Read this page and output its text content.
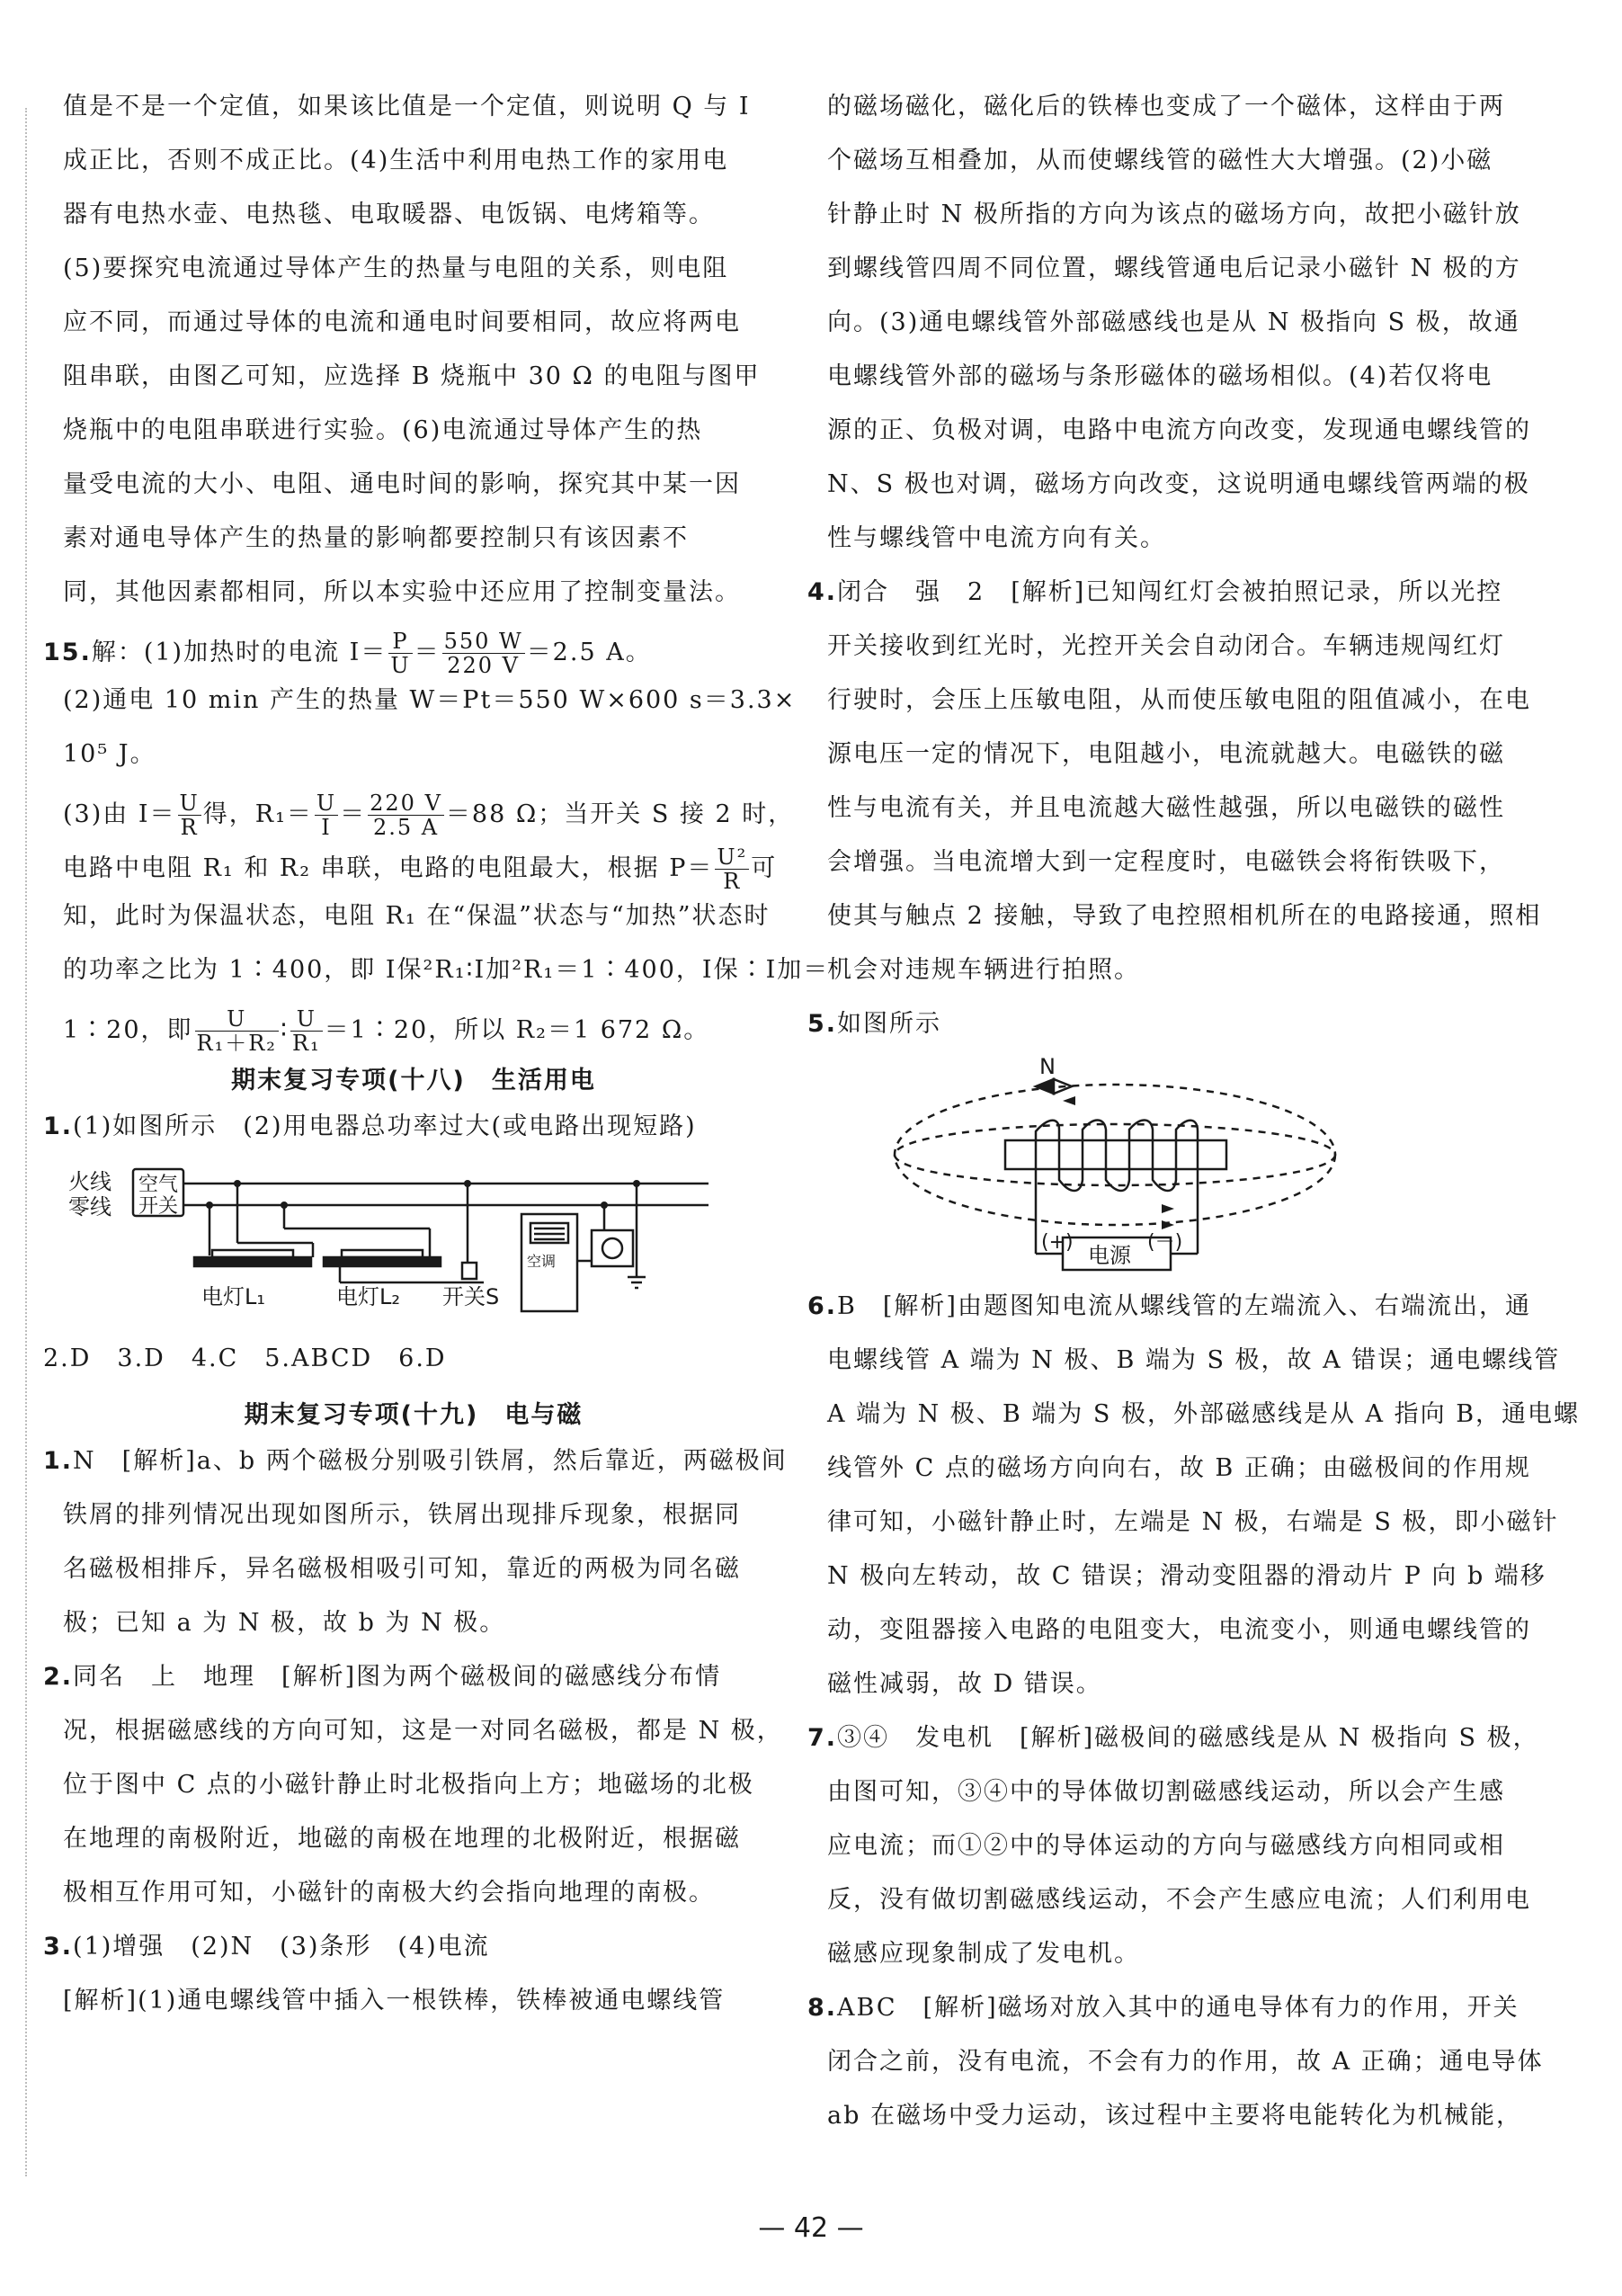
值是不是一个定值，如果该比值是一个定值，则说明 Q 与 I
成正比，否则不成正比。(4)生活中利用电热工作的家用电
器有电热水壶、电热毯、电取暖器、电饭锅、电烤箱等。
(5)要探究电流通过导体产生的热量与电阻的关系，则电阻
应不同，而通过导体的电流和通电时间要相同，故应将两电
阻串联，由图乙可知，应选择 B 烧瓶中 30 Ω 的电阻与图甲
烧瓶中的电阻串联进行实验。(6)电流通过导体产生的热
量受电流的大小、电阻、通电时间的影响，探究其中某一因
素对通电导体产生的热量的影响都要控制只有该因素不
同，其他因素都相同，所以本实验中还应用了控制变量法。
15.解：(1)加热时的电流 $I= \frac{P}{U} = \frac{550 W}{220 V} =2.5$ A。
(2)通电 10 min 产生的热量 W＝Pt＝550 W×600 s＝3.3×
10⁵ J。
(3)由 $I= \frac{U}{R}$ 得，$R_1= \frac{U}{I} = \frac{220 V}{2.5 A} =88$ Ω；当开关 S 接 2 时，
电路中电阻 R₁ 和 R₂ 串联，电路的电阻最大，根据 $P= \frac{\text{U²}}{R}$ 可
知，此时为保温状态，电阻 R₁ 在“保温”状态与“加热”状态时
的功率之比为 1∶400，即 I保²R₁∶I加²R₁＝1∶400，I保∶I加＝
1∶20，即 $\frac{U}{\text{R₁＋R₂}}$ ∶ $\frac{U}{\text{R₁}}$ ＝1∶20，所以 R₂＝1 672 Ω。
期末复习专项(十八)　生活用电
1.(1)如图所示　(2)用电器总功率过大(或电路出现短路)
火线
零线
空气
开关
电灯L₁	电灯L₂ 开关S
空调
2.D　3.D　4.C　5.ABCD　6.D
期末复习专项(十九)　电与磁
1.N　[解析]a、b 两个磁极分别吸引铁屑，然后靠近，两磁极间
铁屑的排列情况出现如图所示，铁屑出现排斥现象，根据同
名磁极相排斥，异名磁极相吸引可知，靠近的两极为同名磁
极；已知 a 为 N 极，故 b 为 N 极。
2.同名　上　地理　[解析]图为两个磁极间的磁感线分布情
况，根据磁感线的方向可知，这是一对同名磁极，都是 N 极，
位于图中 C 点的小磁针静止时北极指向上方；地磁场的北极
在地理的南极附近，地磁的南极在地理的北极附近，根据磁
极相互作用可知，小磁针的南极大约会指向地理的南极。
3.(1)增强　(2)N　(3)条形　(4)电流
[解析](1)通电螺线管中插入一根铁棒，铁棒被通电螺线管
的磁场磁化，磁化后的铁棒也变成了一个磁体，这样由于两
个磁场互相叠加，从而使螺线管的磁性大大增强。(2)小磁
针静止时 N 极所指的方向为该点的磁场方向，故把小磁针放
到螺线管四周不同位置，螺线管通电后记录小磁针 N 极的方
向。(3)通电螺线管外部磁感线也是从 N 极指向 S 极，故通
电螺线管外部的磁场与条形磁体的磁场相似。(4)若仅将电
源的正、负极对调，电路中电流方向改变，发现通电螺线管的
N、S 极也对调，磁场方向改变，这说明通电螺线管两端的极
性与螺线管中电流方向有关。
4.闭合　强　2　[解析]已知闯红灯会被拍照记录，所以光控
开关接收到红光时，光控开关会自动闭合。车辆违规闯红灯
行驶时，会压上压敏电阻，从而使压敏电阻的阻值减小，在电
源电压一定的情况下，电阻越小，电流就越大。电磁铁的磁
性与电流有关，并且电流越大磁性越强，所以电磁铁的磁性
会增强。当电流增大到一定程度时，电磁铁会将衔铁吸下，
使其与触点 2 接触，导致了电控照相机所在的电路接通，照相
机会对违规车辆进行拍照。
5.如图所示
N
(+)	(－)
电源
6.B　[解析]由题图知电流从螺线管的左端流入、右端流出，通
电螺线管 A 端为 N 极、B 端为 S 极，故 A 错误；通电螺线管
A 端为 N 极、B 端为 S 极，外部磁感线是从 A 指向 B，通电螺
线管外 C 点的磁场方向向右，故 B 正确；由磁极间的作用规
律可知，小磁针静止时，左端是 N 极，右端是 S 极，即小磁针
N 极向左转动，故 C 错误；滑动变阻器的滑动片 P 向 b 端移
动，变阻器接入电路的电阻变大，电流变小，则通电螺线管的
磁性减弱，故 D 错误。
7.③④　发电机　[解析]磁极间的磁感线是从 N 极指向 S 极，
由图可知，③④中的导体做切割磁感线运动，所以会产生感
应电流；而①②中的导体运动的方向与磁感线方向相同或相
反，没有做切割磁感线运动，不会产生感应电流；人们利用电
磁感应现象制成了发电机。
8.ABC　[解析]磁场对放入其中的通电导体有力的作用，开关
闭合之前，没有电流，不会有力的作用，故 A 正确；通电导体
ab 在磁场中受力运动，该过程中主要将电能转化为机械能，
— 42 —
